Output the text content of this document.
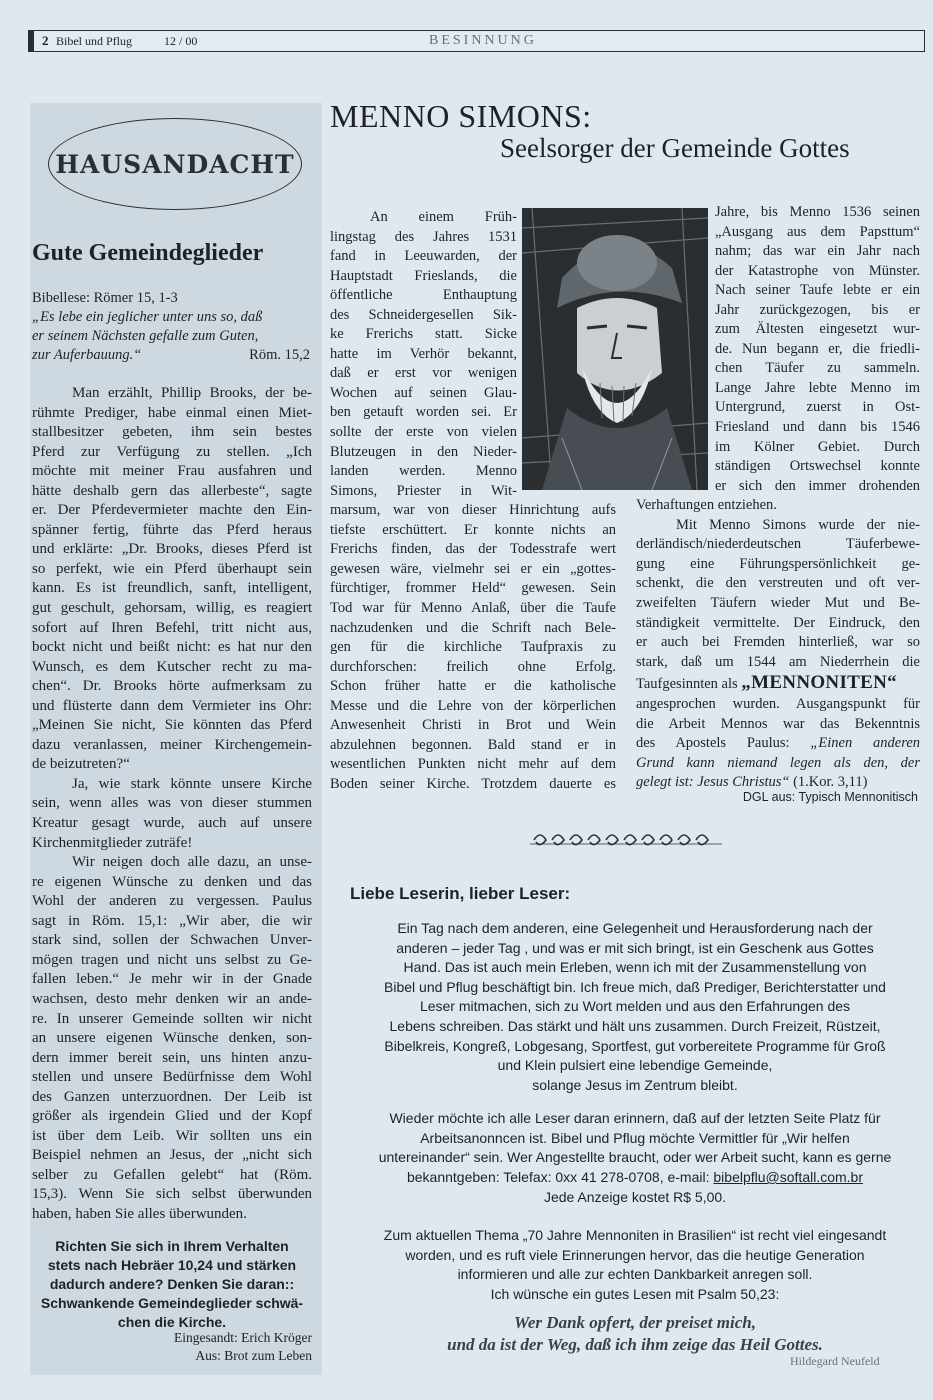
2 Bibel und Pflug	12 / 00	BESINNUNG
HAUSANDACHT
Gute Gemeindeglieder
Bibellese: Römer 15, 1-3
„Es lebe ein jeglicher unter uns so, daß
er seinem Nächsten gefalle zum Guten,
zur Auferbauung.“	Röm. 15,2
Man erzählt, Phillip Brooks, der be-
rühmte Prediger, habe einmal einen Miet-
stallbesitzer gebeten, ihm sein bestes
Pferd zur Verfügung zu stellen. „Ich
möchte mit meiner Frau ausfahren und
hätte deshalb gern das allerbeste“, sagte
er. Der Pferdevermieter machte den Ein-
spänner fertig, führte das Pferd heraus
und erklärte: „Dr. Brooks, dieses Pferd ist
so perfekt, wie ein Pferd überhaupt sein
kann. Es ist freundlich, sanft, intelligent,
gut geschult, gehorsam, willig, es reagiert
sofort auf Ihren Befehl, tritt nicht aus,
bockt nicht und beißt nicht: es hat nur den
Wunsch, es dem Kutscher recht zu ma-
chen“. Dr. Brooks hörte aufmerksam zu
und flüsterte dann dem Vermieter ins Ohr:
„Meinen Sie nicht, Sie könnten das Pferd
dazu veranlassen, meiner Kirchengemein-
de beizutreten?“
Ja, wie stark könnte unsere Kirche
sein, wenn alles was von dieser stummen
Kreatur gesagt wurde, auch auf unsere
Kirchenmitglieder zuträfe!
Wir neigen doch alle dazu, an unse-
re eigenen Wünsche zu denken und das
Wohl der anderen zu vergessen. Paulus
sagt in Röm. 15,1: „Wir aber, die wir
stark sind, sollen der Schwachen Unver-
mögen tragen und nicht uns selbst zu Ge-
fallen leben.“ Je mehr wir in der Gnade
wachsen, desto mehr denken wir an ande-
re. In unserer Gemeinde sollten wir nicht
an unsere eigenen Wünsche denken, son-
dern immer bereit sein, uns hinten anzu-
stellen und unsere Bedürfnisse dem Wohl
des Ganzen unterzuordnen. Der Leib ist
größer als irgendein Glied und der Kopf
ist über dem Leib. Wir sollten uns ein
Beispiel nehmen an Jesus, der „nicht sich
selber zu Gefallen gelebt“ hat (Röm.
15,3). Wenn Sie sich selbst überwunden
haben, haben Sie alles überwunden.
Richten Sie sich in Ihrem Verhalten
stets nach Hebräer 10,24 und stärken
dadurch andere? Denken Sie daran::
Schwankende Gemeindeglieder schwä-
chen die Kirche.
Eingesandt: Erich Kröger
Aus: Brot zum Leben
MENNO SIMONS:
Seelsorger der Gemeinde Gottes
An einem Früh-
lingstag des Jahres 1531
fand in Leeuwarden, der
Hauptstadt Frieslands, die
öffentliche Enthauptung
des Schneidergesellen Sik-
ke Frerichs statt. Sicke
hatte im Verhör bekannt,
daß er erst vor wenigen
Wochen auf seinen Glau-
ben getauft worden sei. Er
sollte der erste von vielen
Blutzeugen in den Nieder-
landen werden. Menno
Simons, Priester in Wit-
Jahre, bis Menno 1536 seinen
„Ausgang aus dem Papsttum“
nahm; das war ein Jahr nach
der Katastrophe von Münster.
Nach seiner Taufe lebte er ein
Jahr zurückgezogen, bis er
zum Ältesten eingesetzt wur-
de. Nun begann er, die friedli-
chen Täufer zu sammeln.
Lange Jahre lebte Menno im
Untergrund, zuerst in Ost-
Friesland und dann bis 1546
im Kölner Gebiet. Durch
ständigen Ortswechsel konnte
er sich den immer drohenden
marsum, war von dieser Hinrichtung aufs
tiefste erschüttert. Er konnte nichts an
Frerichs finden, das der Todesstrafe wert
gewesen wäre, vielmehr sei er ein „gottes-
fürchtiger, frommer Held“ gewesen. Sein
Tod war für Menno Anlaß, über die Taufe
nachzudenken und die Schrift nach Bele-
gen für die kirchliche Taufpraxis zu
durchforschen: freilich ohne Erfolg.
Schon früher hatte er die katholische
Messe und die Lehre von der körperlichen
Anwesenheit Christi in Brot und Wein
abzulehnen begonnen. Bald stand er in
wesentlichen Punkten nicht mehr auf dem
Boden seiner Kirche. Trotzdem dauerte es
Verhaftungen entziehen.
Mit Menno Simons wurde der nie-
derländisch/niederdeutschen Täuferbewe-
gung eine Führungspersönlichkeit ge-
schenkt, die den verstreuten und oft ver-
zweifelten Täufern wieder Mut und Be-
ständigkeit vermittelte. Der Eindruck, den
er auch bei Fremden hinterließ, war so
stark, daß um 1544 am Niederrhein die
Taufgesinnten als „MENNONITEN“
angesprochen wurden. Ausgangspunkt für
die Arbeit Mennos war das Bekenntnis
des Apostels Paulus: „Einen anderen
Grund kann niemand legen als den, der
gelegt ist: Jesus Christus“ (1.Kor. 3,11)
DGL aus: Typisch Mennonitisch
Liebe Leserin, lieber Leser:
Ein Tag nach dem anderen, eine Gelegenheit und Herausforderung nach der
anderen – jeder Tag , und was er mit sich bringt, ist ein Geschenk aus Gottes
Hand. Das ist auch mein Erleben, wenn ich mit der Zusammenstellung von
Bibel und Pflug beschäftigt bin. Ich freue mich, daß Prediger, Berichterstatter und
Leser mitmachen, sich zu Wort melden und aus den Erfahrungen des
Lebens schreiben. Das stärkt und hält uns zusammen. Durch Freizeit, Rüstzeit,
Bibelkreis, Kongreß, Lobgesang, Sportfest, gut vorbereitete Programme für Groß
und Klein pulsiert eine lebendige Gemeinde,
solange Jesus im Zentrum bleibt.
Wieder möchte ich alle Leser daran erinnern, daß auf der letzten Seite Platz für
Arbeitsanonncen ist. Bibel und Pflug möchte Vermittler für „Wir helfen
untereinander“ sein. Wer Angestellte braucht, oder wer Arbeit sucht, kann es gerne
bekanntgeben: Telefax: 0xx 41 278-0708, e-mail: bibelpflu@softall.com.br
Jede Anzeige kostet R$ 5,00.
Zum aktuellen Thema „70 Jahre Mennoniten in Brasilien“ ist recht viel eingesandt
worden, und es ruft viele Erinnerungen hervor, das die heutige Generation
informieren und alle zur echten Dankbarkeit anregen soll.
Ich wünsche ein gutes Lesen mit Psalm 50,23:
Wer Dank opfert, der preiset mich,
und da ist der Weg, daß ich ihm zeige das Heil Gottes.
Hildegard Neufeld
